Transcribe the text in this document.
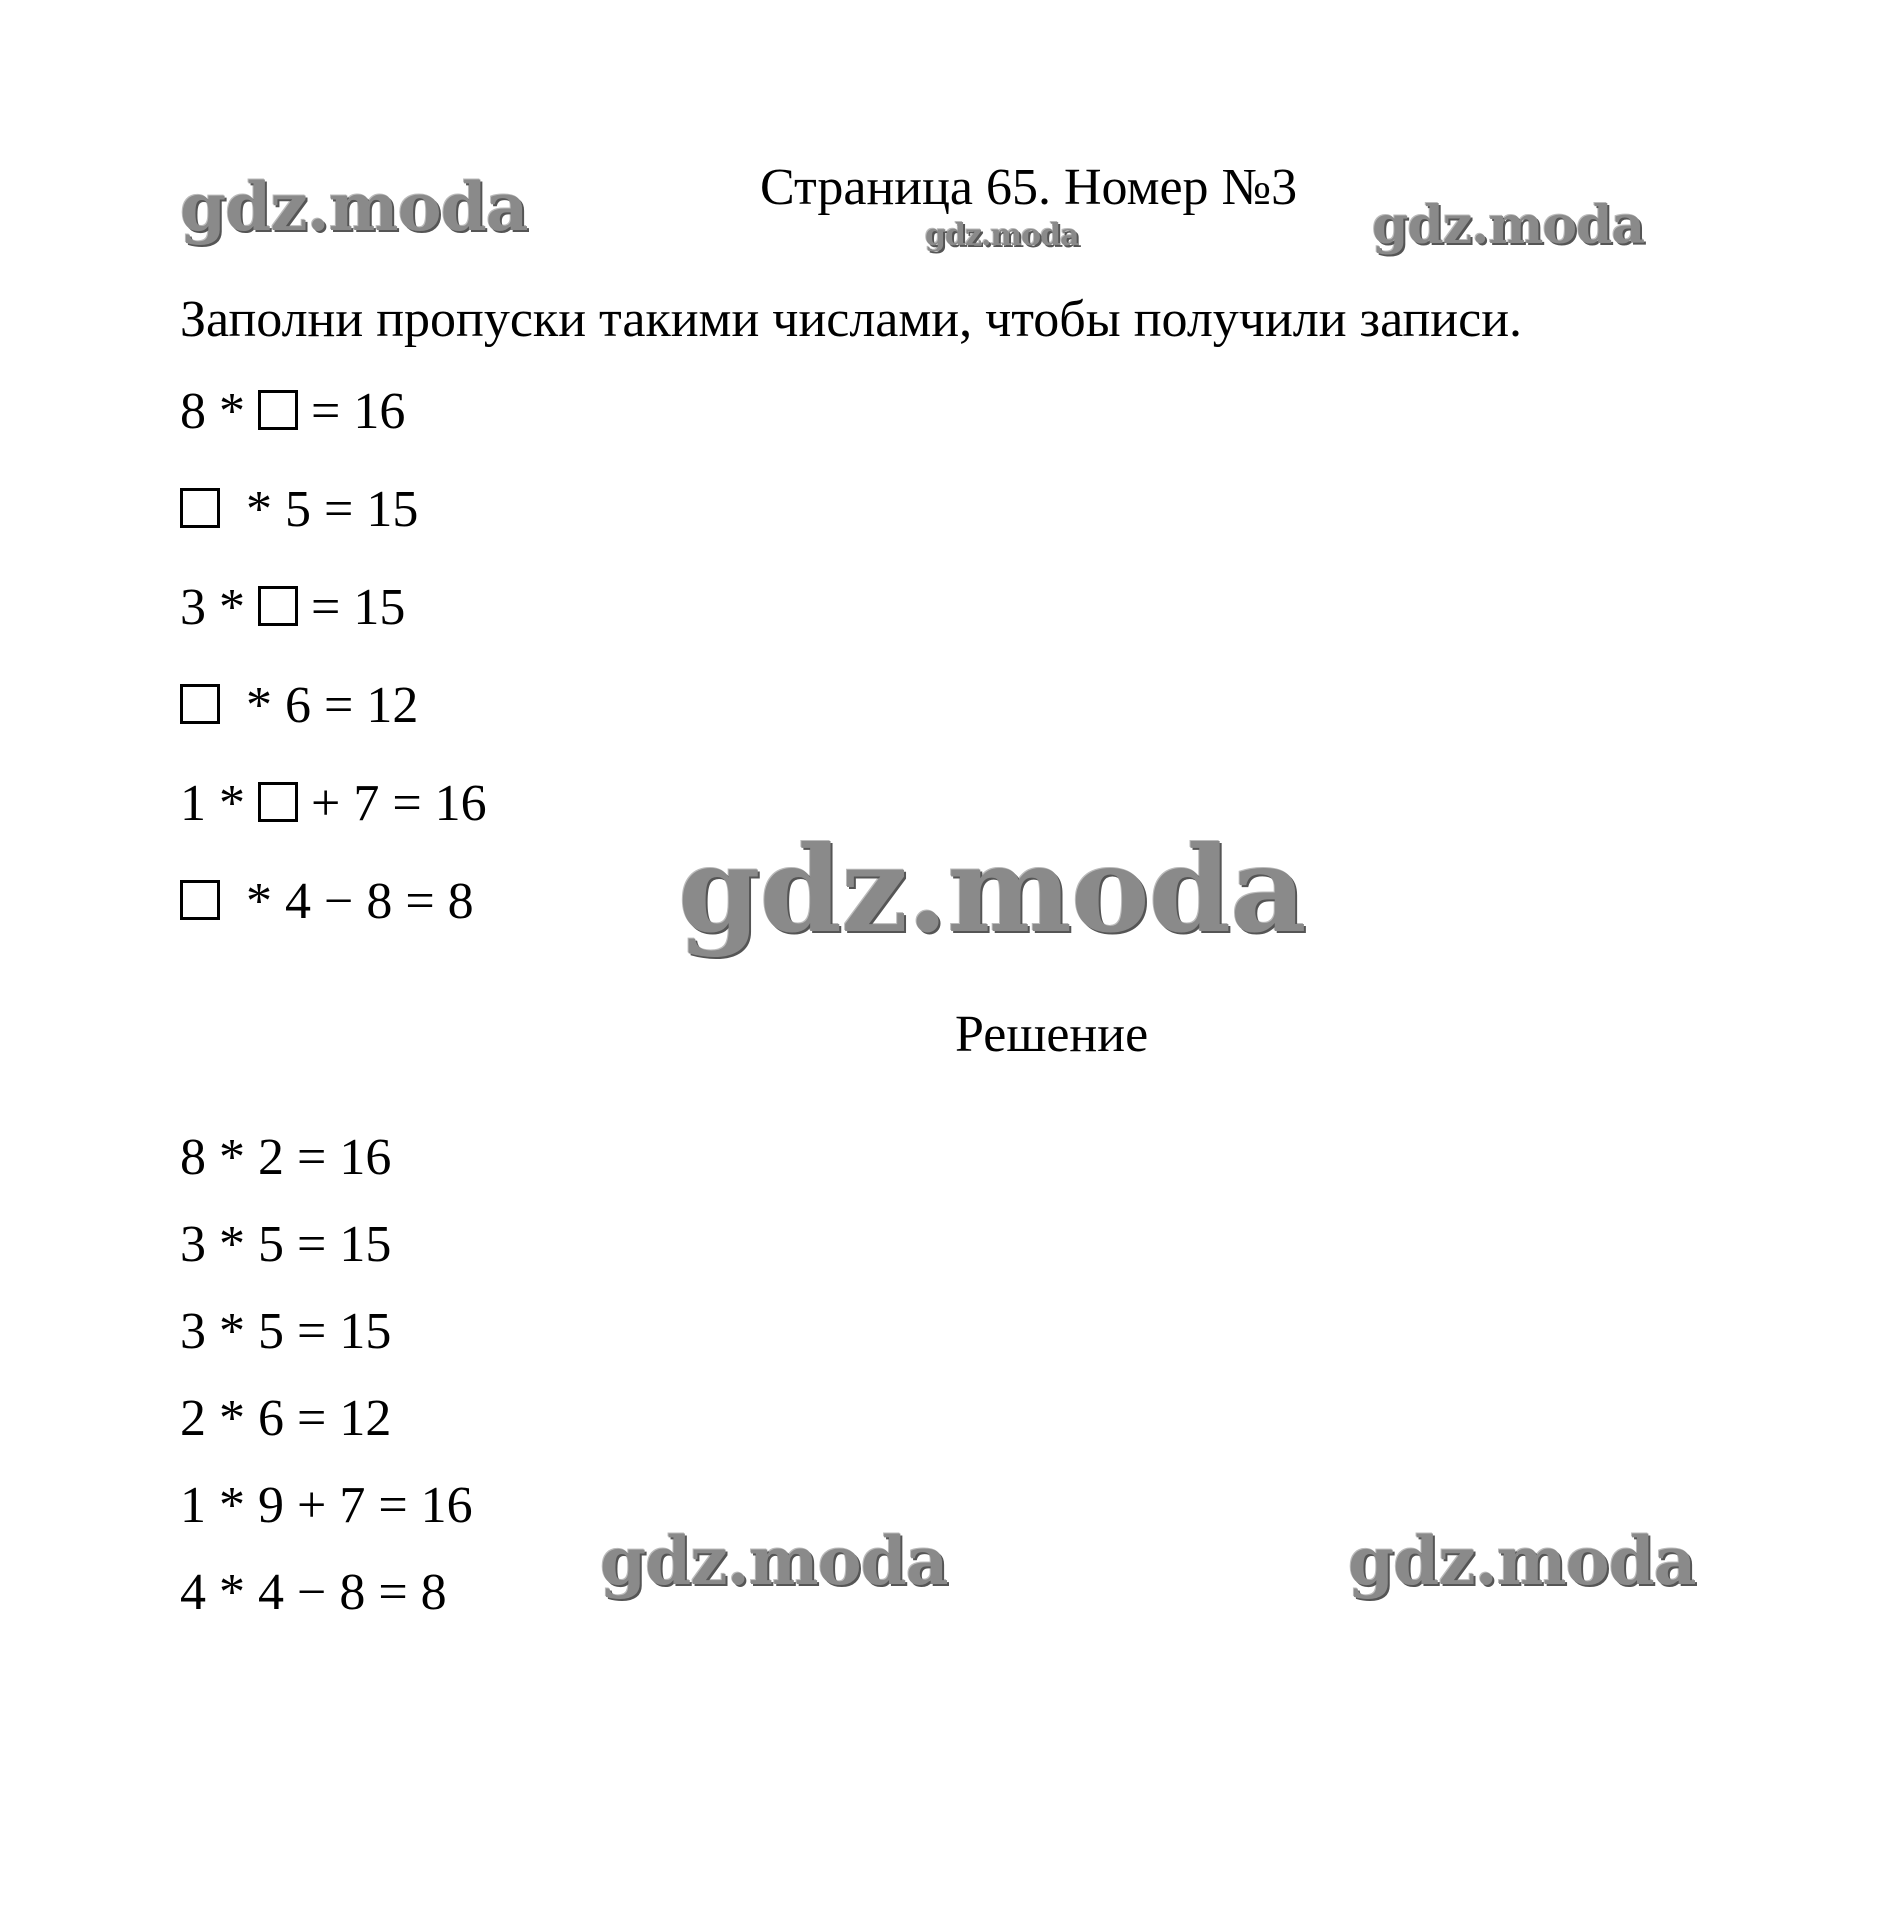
Страница 65. Номер №3
gdz.moda	gdz.moda	gdz.moda
gdz.moda
gdz.moda	gdz.moda
Заполни пропуски такими числами, чтобы получили записи.
8 *  = 16
* 5 = 15
3 *  = 15
* 6 = 12
1 *  + 7 = 16
* 4 − 8 = 8
Решение
8 * 2 = 16
3 * 5 = 15
3 * 5 = 15
2 * 6 = 12
1 * 9 + 7 = 16
4 * 4 − 8 = 8
